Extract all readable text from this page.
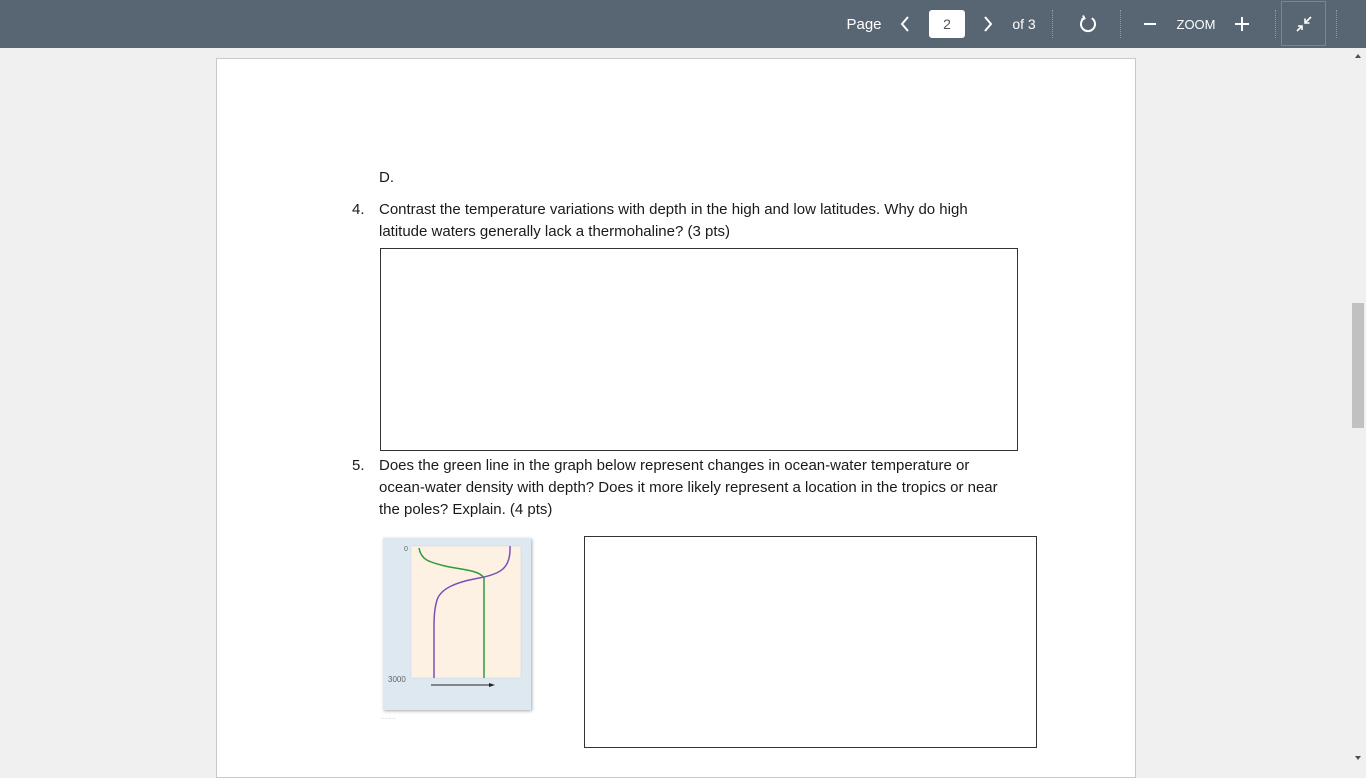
Page
2	of 3	ZOOM
D.
4. Contrast the temperature variations with depth in the high and low latitudes. Why do high
latitude waters generally lack a thermohaline? (3 pts)
5. Does the green line in the graph below represent changes in ocean-water temperature or
ocean-water density with depth? Does it more likely represent a location in the tropics or near
the poles? Explain. (4 pts)
0
3000
— — — —
